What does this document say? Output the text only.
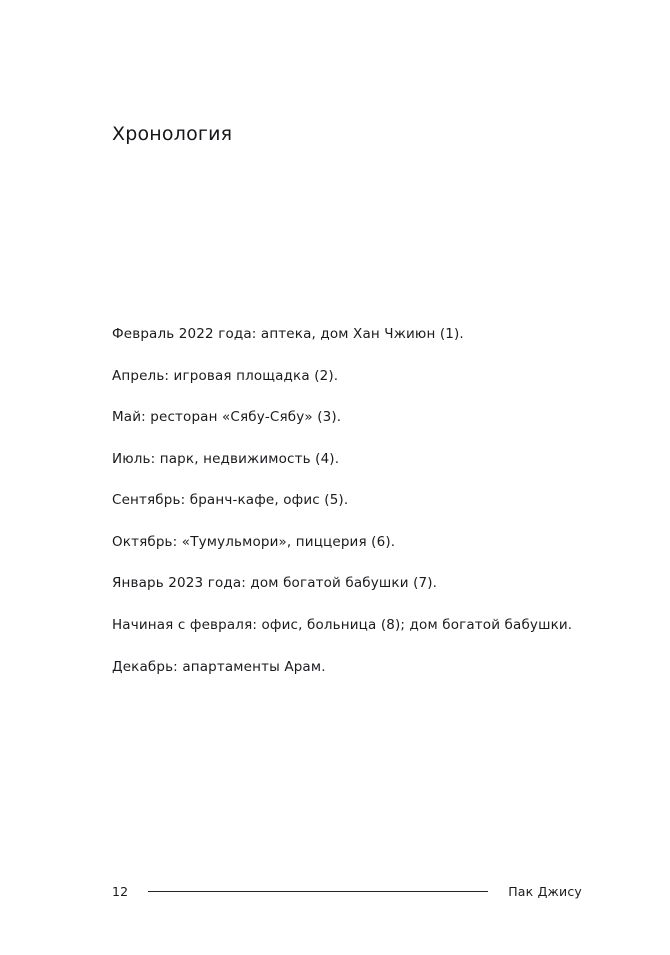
Хронология

Февраль 2022 года: аптека, дом Хан Чжиюн (1).

Апрель: игровая площадка (2).

Май: ресторан «Сябу-Сябу» (3).

Июль: парк, недвижимость (4).

Сентябрь: бранч-кафе, офис (5).

Октябрь: «Тумульмори», пиццерия (6).

Январь 2023 года: дом богатой бабушки (7).

Начиная с февраля: офис, больница (8); дом богатой бабушки.

Декабрь: апартаменты Арам.

12	Пак Джису
